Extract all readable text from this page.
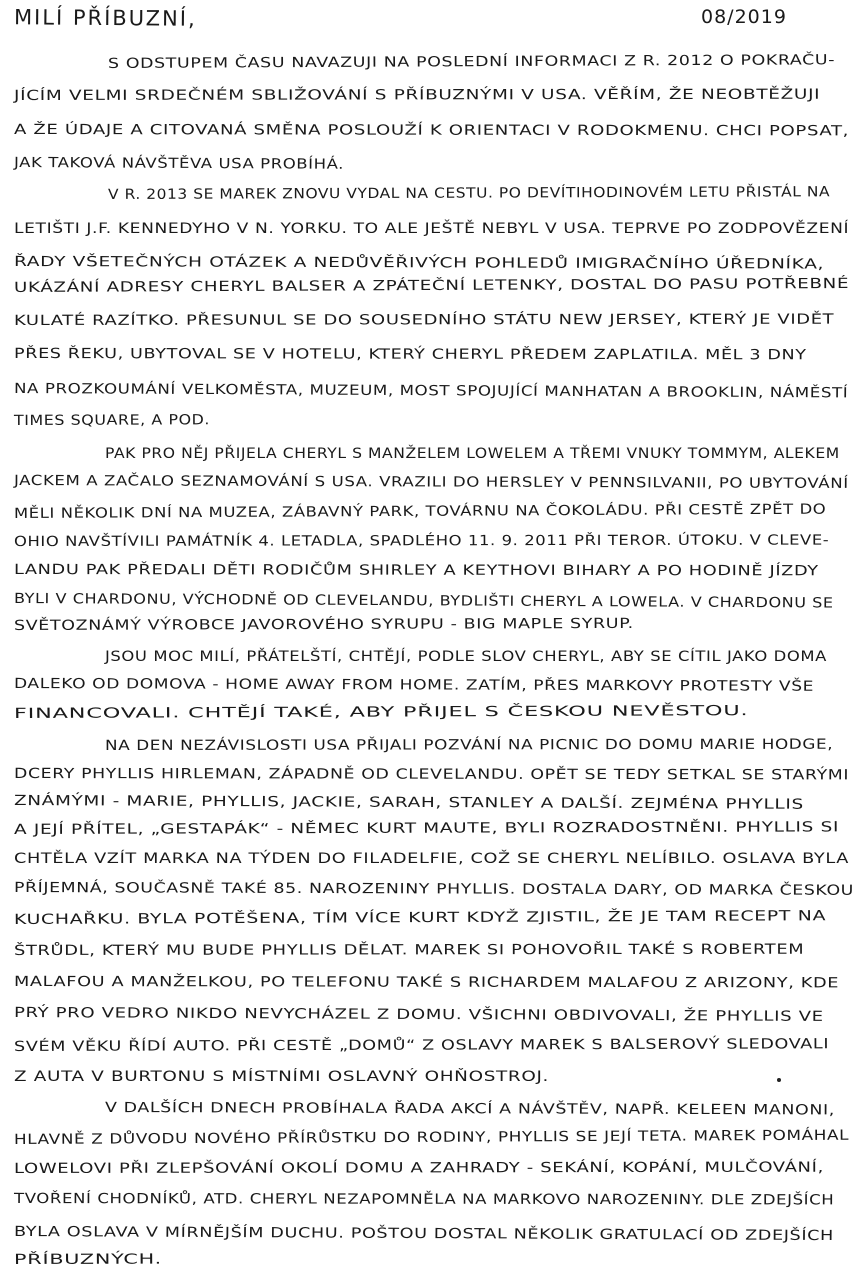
MILÍ PŘÍBUZNÍ,	08/2019
S ODSTUPEM ČASU NAVAZUJI NA POSLEDNÍ INFORMACI Z R. 2012 O POKRAČU-
JÍCÍM VELMI SRDEČNÉM SBLIŽOVÁNÍ S PŘÍBUZNÝMI V USA. VĚŘÍM, ŽE NEOBTĚŽUJI
A ŽE ÚDAJE A CITOVANÁ SMĚNA POSLOUŽÍ K ORIENTACI V RODOKMENU. CHCI POPSAT,
JAK TAKOVÁ NÁVŠTĚVA USA PROBÍHÁ.
V R. 2013 SE MAREK ZNOVU VYDAL NA CESTU. PO DEVÍTIHODINOVÉM LETU PŘISTÁL NA
LETIŠTI J.F. KENNEDYHO V N. YORKU. TO ALE JEŠTĚ NEBYL V USA. TEPRVE PO ZODPOVĚZENÍ
ŘADY VŠETEČNÝCH OTÁZEK A NEDŮVĚŘIVÝCH POHLEDŮ IMIGRAČNÍHO ÚŘEDNÍKA,
UKÁZÁNÍ ADRESY CHERYL BALSER A ZPÁTEČNÍ LETENKY, DOSTAL DO PASU POTŘEBNÉ
KULATÉ RAZÍTKO. PŘESUNUL SE DO SOUSEDNÍHO STÁTU NEW JERSEY, KTERÝ JE VIDĚT
PŘES ŘEKU, UBYTOVAL SE V HOTELU, KTERÝ CHERYL PŘEDEM ZAPLATILA. MĚL 3 DNY
NA PROZKOUMÁNÍ VELKOMĚSTA, MUZEUM, MOST SPOJUJÍCÍ MANHATAN A BROOKLIN, NÁMĚSTÍ
TIMES SQUARE, A POD.
PAK PRO NĚJ PŘIJELA CHERYL S MANŽELEM LOWELEM A TŘEMI VNUKY TOMMYM, ALEKEM
JACKEM A ZAČALO SEZNAMOVÁNÍ S USA. VRAZILI DO HERSLEY V PENNSILVANII, PO UBYTOVÁNÍ
MĚLI NĚKOLIK DNÍ NA MUZEA, ZÁBAVNÝ PARK, TOVÁRNU NA ČOKOLÁDU. PŘI CESTĚ ZPĚT DO
OHIO NAVŠTÍVILI PAMÁTNÍK 4. LETADLA, SPADLÉHO 11. 9. 2011 PŘI TEROR. ÚTOKU. V CLEVE-
LANDU PAK PŘEDALI DĚTI RODIČŮM SHIRLEY A KEYTHOVI BIHARY A PO HODINĚ JÍZDY
BYLI V CHARDONU, VÝCHODNĚ OD CLEVELANDU, BYDLIŠTI CHERYL A LOWELA. V CHARDONU SE
SVĚTOZNÁMÝ VÝROBCE JAVOROVÉHO SYRUPU - BIG MAPLE SYRUP.
JSOU MOC MILÍ, PŘÁTELŠTÍ, CHTĚJÍ, PODLE SLOV CHERYL, ABY SE CÍTIL JAKO DOMA
DALEKO OD DOMOVA - HOME AWAY FROM HOME. ZATÍM, PŘES MARKOVY PROTESTY VŠE
FINANCOVALI. CHTĚJÍ TAKÉ, ABY PŘIJEL S ČESKOU NEVĚSTOU.
NA DEN NEZÁVISLOSTI USA PŘIJALI POZVÁNÍ NA PICNIC DO DOMU MARIE HODGE,
DCERY PHYLLIS HIRLEMAN, ZÁPADNĚ OD CLEVELANDU. OPĚT SE TEDY SETKAL SE STARÝMI
ZNÁMÝMI - MARIE, PHYLLIS, JACKIE, SARAH, STANLEY A DALŠÍ. ZEJMÉNA PHYLLIS
A JEJÍ PŘÍTEL, „GESTAPÁK“ - NĚMEC KURT MAUTE, BYLI ROZRADOSTNĚNI. PHYLLIS SI
CHTĚLA VZÍT MARKA NA TÝDEN DO FILADELFIE, COŽ SE CHERYL NELÍBILO. OSLAVA BYLA
PŘÍJEMNÁ, SOUČASNĚ TAKÉ 85. NAROZENINY PHYLLIS. DOSTALA DARY, OD MARKA ČESKOU
KUCHAŘKU. BYLA POTĚŠENA, TÍM VÍCE KURT KDYŽ ZJISTIL, ŽE JE TAM RECEPT NA
ŠTRŮDL, KTERÝ MU BUDE PHYLLIS DĚLAT. MAREK SI POHOVOŘIL TAKÉ S ROBERTEM
MALAFOU A MANŽELKOU, PO TELEFONU TAKÉ S RICHARDEM MALAFOU Z ARIZONY, KDE
PRÝ PRO VEDRO NIKDO NEVYCHÁZEL Z DOMU. VŠICHNI OBDIVOVALI, ŽE PHYLLIS VE
SVÉM VĚKU ŘÍDÍ AUTO. PŘI CESTĚ „DOMŮ“ Z OSLAVY MAREK S BALSEROVÝ SLEDOVALI
Z AUTA V BURTONU S MÍSTNÍMI OSLAVNÝ OHŇOSTROJ.
V DALŠÍCH DNECH PROBÍHALA ŘADA AKCÍ A NÁVŠTĚV, NAPŘ. KELEEN MANONI,
HLAVNĚ Z DŮVODU NOVÉHO PŘÍRŮSTKU DO RODINY, PHYLLIS SE JEJÍ TETA. MAREK POMÁHAL
LOWELOVI PŘI ZLEPŠOVÁNÍ OKOLÍ DOMU A ZAHRADY - SEKÁNÍ, KOPÁNÍ, MULČOVÁNÍ,
TVOŘENÍ CHODNÍKŮ, ATD. CHERYL NEZAPOMNĚLA NA MARKOVO NAROZENINY. DLE ZDEJŠÍCH
BYLA OSLAVA V MÍRNĚJŠÍM DUCHU. POŠTOU DOSTAL NĚKOLIK GRATULACÍ OD ZDEJŠÍCH
PŘÍBUZNÝCH.
